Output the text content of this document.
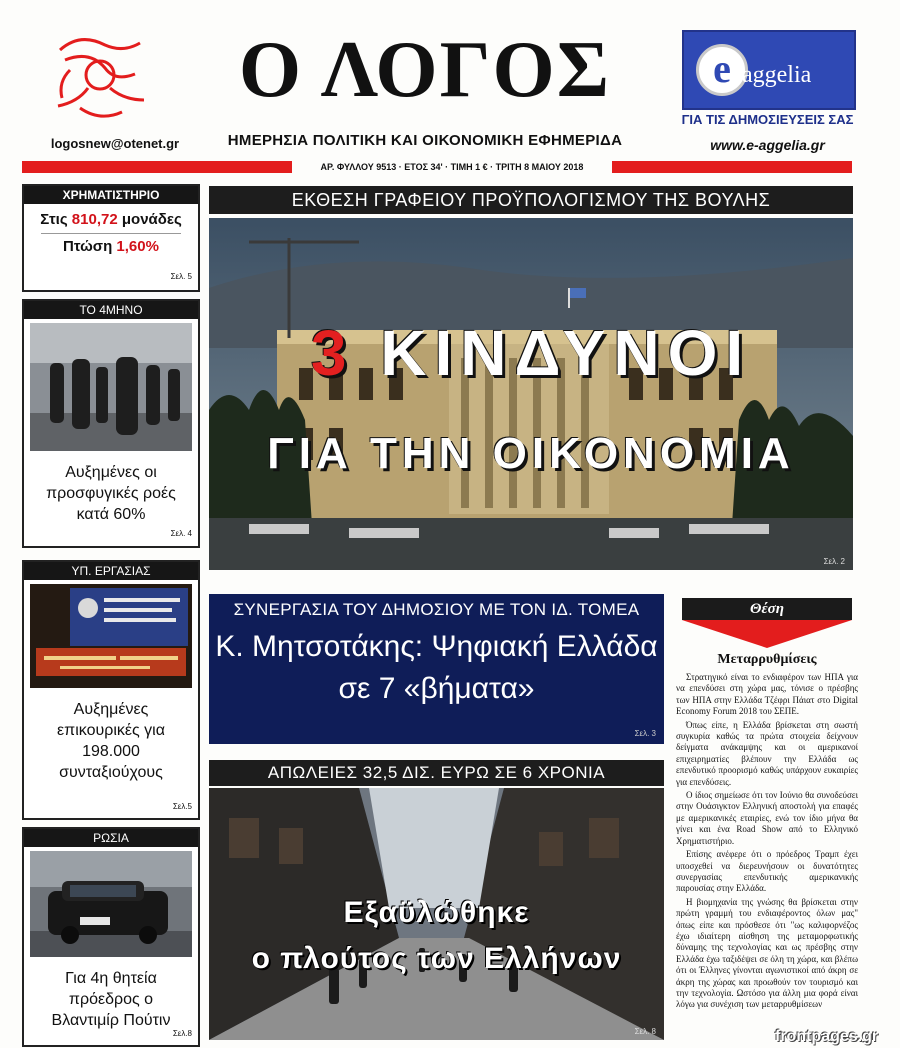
logosnew@otenet.gr
Ο ΛΟΓΟΣ
ΗΜΕΡΗΣΙΑ ΠΟΛΙΤΙΚΗ ΚΑΙ ΟΙΚΟΝΟΜΙΚΗ ΕΦΗΜΕΡΙΔΑ
e aggelia
ΓΙΑ ΤΙΣ ΔΗΜΟΣΙΕΥΣΕΙΣ ΣΑΣ
www.e-aggelia.gr
ΑΡ. ΦΥΛΛΟΥ 9513 · ΕΤΟΣ 34' · ΤΙΜΗ 1 € · ΤΡΙΤΗ 8 ΜΑΙΟΥ 2018
ΧΡΗΜΑΤΙΣΤΗΡΙΟ
Στις 810,72 μονάδες
Πτώση 1,60%
Σελ. 5
ΤΟ 4ΜΗΝΟ
Αυξημένες οι προσφυγικές ροές κατά 60%
Σελ. 4
ΥΠ. ΕΡΓΑΣΙΑΣ
Αυξημένες επικουρικές για 198.000 συνταξιούχους
Σελ.5
ΡΩΣΙΑ
Για 4η θητεία πρόεδρος ο Βλαντιμίρ Πούτιν
Σελ.8
ΕΚΘΕΣΗ ΓΡΑΦΕΙΟΥ ΠΡΟΫΠΟΛΟΓΙΣΜΟΥ ΤΗΣ ΒΟΥΛΗΣ
Σελ. 2
3 ΚΙΝΔΥΝΟΙ
ΓΙΑ ΤΗΝ ΟΙΚΟΝΟΜΙΑ
ΣΥΝΕΡΓΑΣΙΑ ΤΟΥ ΔΗΜΟΣΙΟΥ ΜΕ ΤΟΝ ΙΔ. ΤΟΜΕΑ
Κ. Μητσοτάκης: Ψηφιακή Ελλάδα
σε 7 «βήματα»
Σελ. 3
ΑΠΩΛΕΙΕΣ 32,5 ΔΙΣ. ΕΥΡΩ ΣΕ 6 ΧΡΟΝΙΑ
Σελ. 8
Εξαϋλώθηκε
ο πλούτος των Ελλήνων
Θέση
Μεταρρυθμίσεις

Στρατηγικό είναι το ενδιαφέρον των ΗΠΑ για να επενδύσει στη χώρα μας, τόνισε ο πρέσβης των ΗΠΑ στην Ελλάδα Τζέφρι Πάιατ στο Digital Economy Forum 2018 του ΣΕΠΕ.

Όπως είπε, η Ελλάδα βρίσκεται στη σωστή συγκυρία καθώς τα πρώτα στοιχεία δείχνουν δείγματα ανάκαμψης και οι αμερικανοί επιχειρηματίες βλέπουν την Ελλάδα ως επενδυτικό προορισμό καθώς υπάρχουν ευκαιρίες για επενδύσεις.

Ο ίδιος σημείωσε ότι τον Ιούνιο θα συνοδεύσει στην Ουάσιγκτον Ελληνική αποστολή για επαφές με αμερικανικές εταιρίες, ενώ τον ίδιο μήνα θα γίνει και ένα Road Show από το Ελληνικό Χρηματιστήριο.

Επίσης ανέφερε ότι ο πρόεδρος Τραμπ έχει υποσχεθεί να διερευνήσουν οι δυνατότητες συνεργασίας επενδυτικής αμερικανικής παρουσίας στην Ελλάδα.

Η βιομηχανία της γνώσης θα βρίσκεται στην πρώτη γραμμή του ενδιαφέροντος όλων μας" όπως είπε και πρόσθεσε ότι "ως καλιφορνέζος έχω ιδιαίτερη αίσθηση της μεταμορφωτικής δύναμης της τεχνολογίας και ως πρέσβης στην Ελλάδα έχω ταξιδέψει σε όλη τη χώρα, και βλέπω ότι οι Έλληνες γίνονται αγωνιστικοί από άκρη σε άκρη της χώρας και προωθούν τον τουρισμό και την τεχνολογία. Ωστόσο για άλλη μια φορά είναι λόγω για συνέχιση των μεταρρυθμίσεων

frontpages.gr
